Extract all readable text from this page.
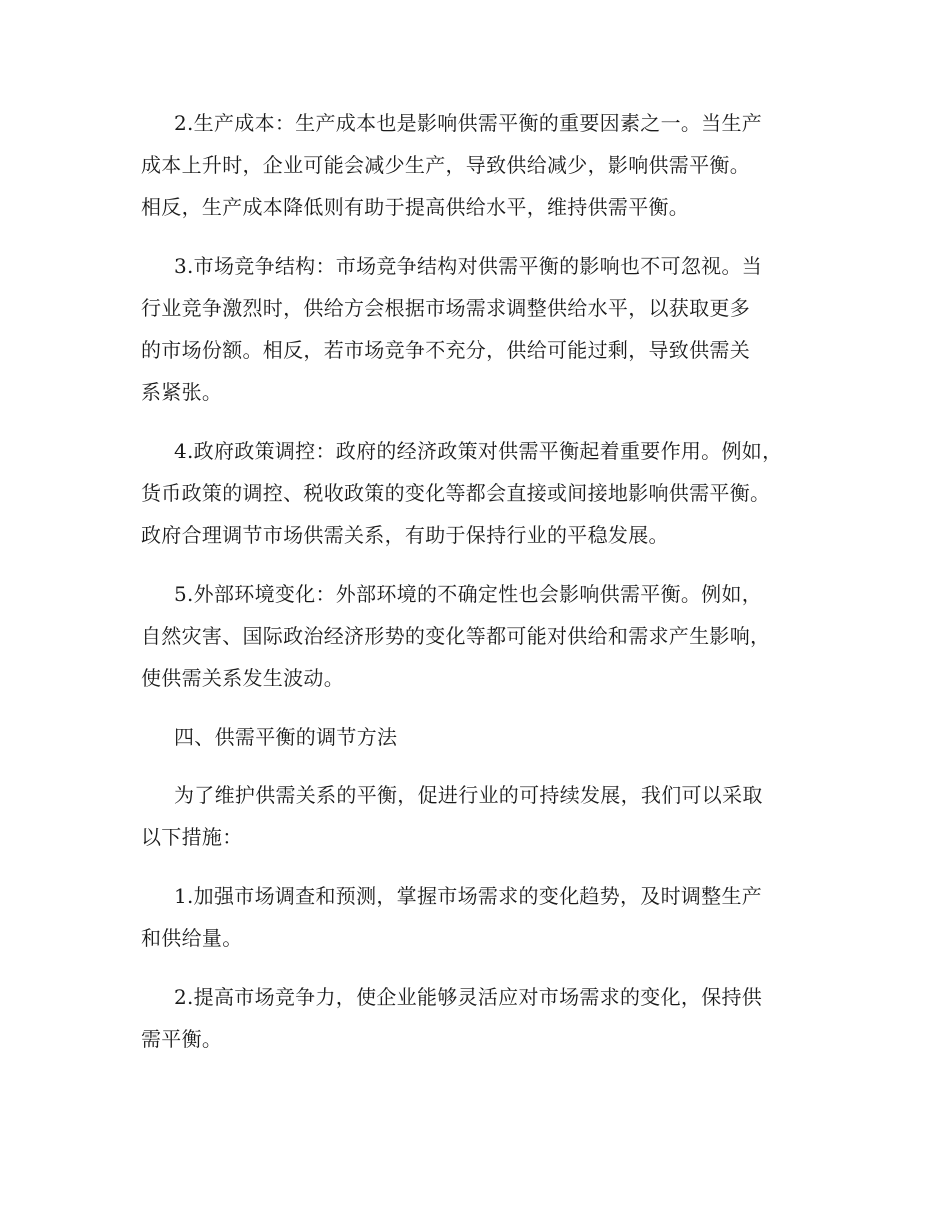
2.生产成本：生产成本也是影响供需平衡的重要因素之一。当生产
成本上升时，企业可能会减少生产，导致供给减少，影响供需平衡。
相反，生产成本降低则有助于提高供给水平，维持供需平衡。
3.市场竞争结构：市场竞争结构对供需平衡的影响也不可忽视。当
行业竞争激烈时，供给方会根据市场需求调整供给水平，以获取更多
的市场份额。相反，若市场竞争不充分，供给可能过剩，导致供需关
系紧张。
4.政府政策调控：政府的经济政策对供需平衡起着重要作用。例如，
货币政策的调控、税收政策的变化等都会直接或间接地影响供需平衡。
政府合理调节市场供需关系，有助于保持行业的平稳发展。
5.外部环境变化：外部环境的不确定性也会影响供需平衡。例如，
自然灾害、国际政治经济形势的变化等都可能对供给和需求产生影响，
使供需关系发生波动。
四、供需平衡的调节方法
为了维护供需关系的平衡，促进行业的可持续发展，我们可以采取
以下措施：
1.加强市场调查和预测，掌握市场需求的变化趋势，及时调整生产
和供给量。
2.提高市场竞争力，使企业能够灵活应对市场需求的变化，保持供
需平衡。
